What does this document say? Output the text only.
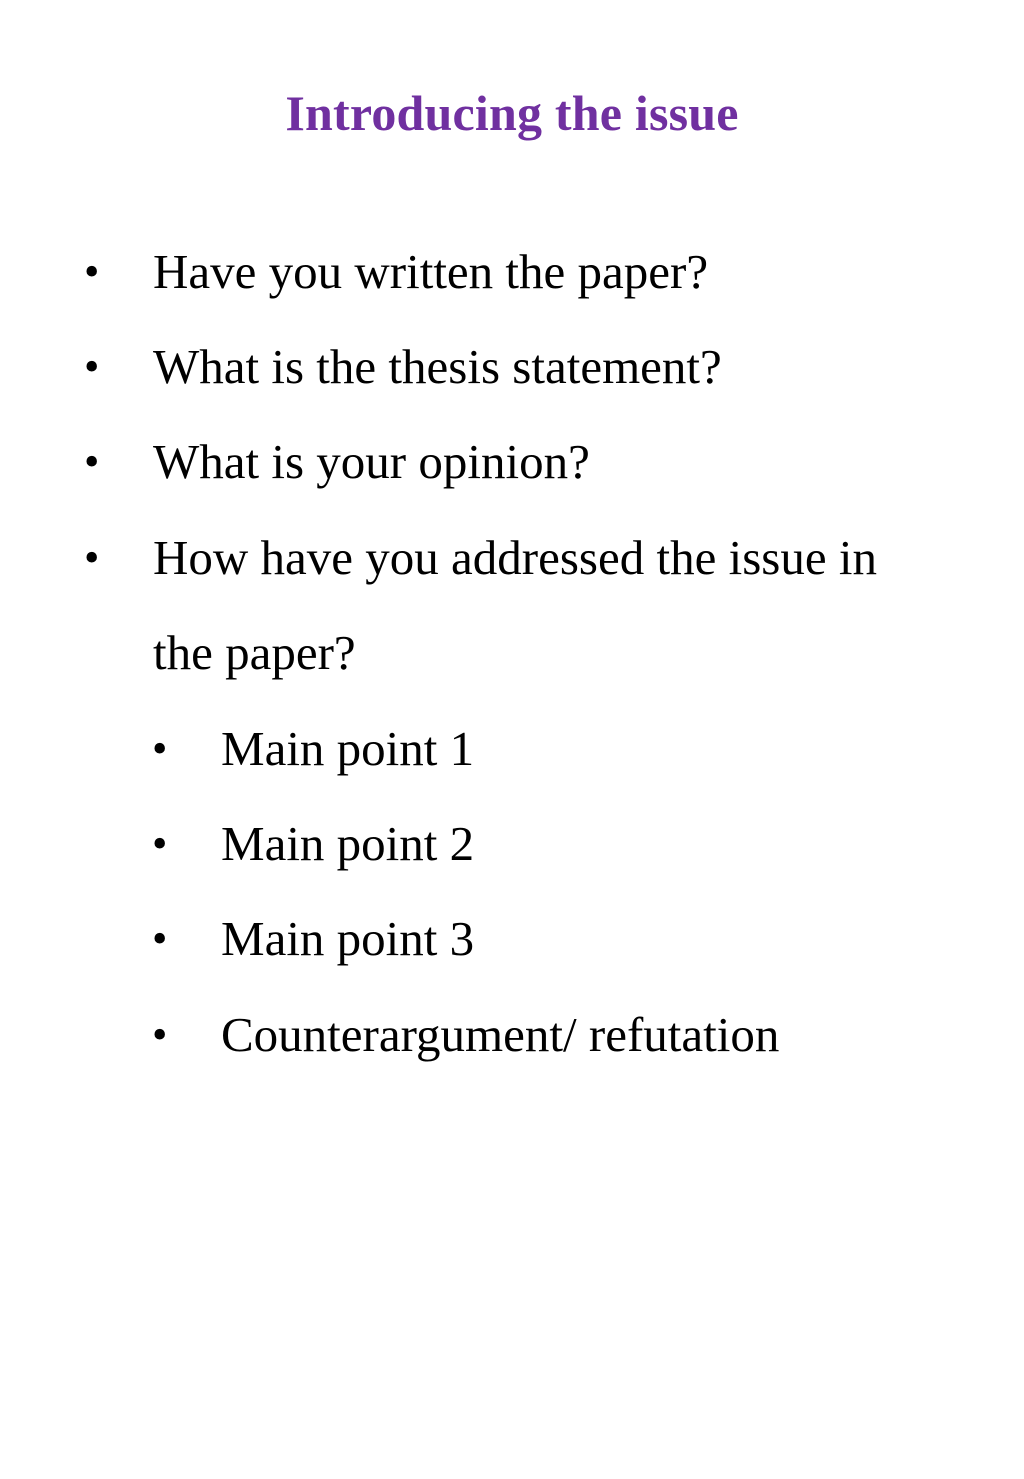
Introducing the issue
• Have you written the paper?
• What is the thesis statement?
• What is your opinion?
• How have you addressed the issue in
the paper?
• Main point 1
• Main point 2
• Main point 3
• Counterargument/ refutation
